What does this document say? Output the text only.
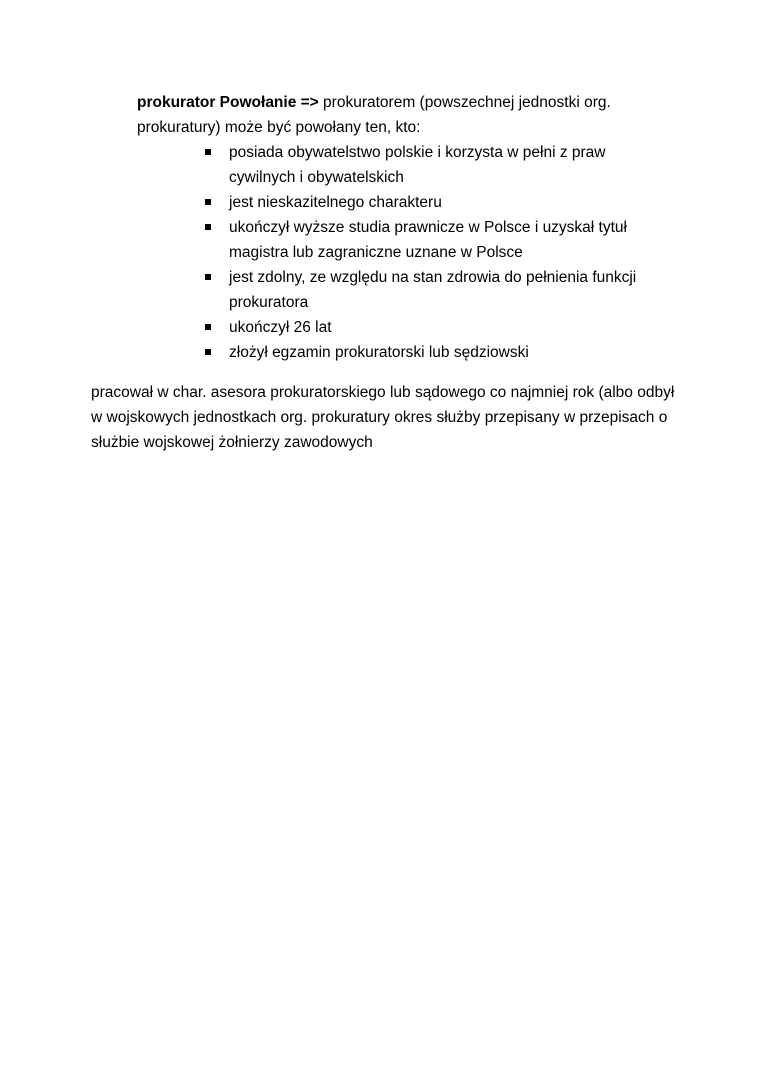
prokurator Powołanie => prokuratorem (powszechnej jednostki org. prokuratury) może być powołany ten, kto:

posiada obywatelstwo polskie i korzysta w pełni z praw cywilnych i obywatelskich
jest nieskazitelnego charakteru
ukończył wyższe studia prawnicze w Polsce i uzyskał tytuł magistra lub zagraniczne uznane w Polsce
jest zdolny, ze względu na stan zdrowia do pełnienia funkcji prokuratora
ukończył 26 lat
złożył egzamin prokuratorski lub sędziowski

pracował w char. asesora prokuratorskiego lub sądowego co najmniej rok (albo odbył w wojskowych jednostkach org. prokuratury okres służby przepisany w przepisach o służbie wojskowej żołnierzy zawodowych
